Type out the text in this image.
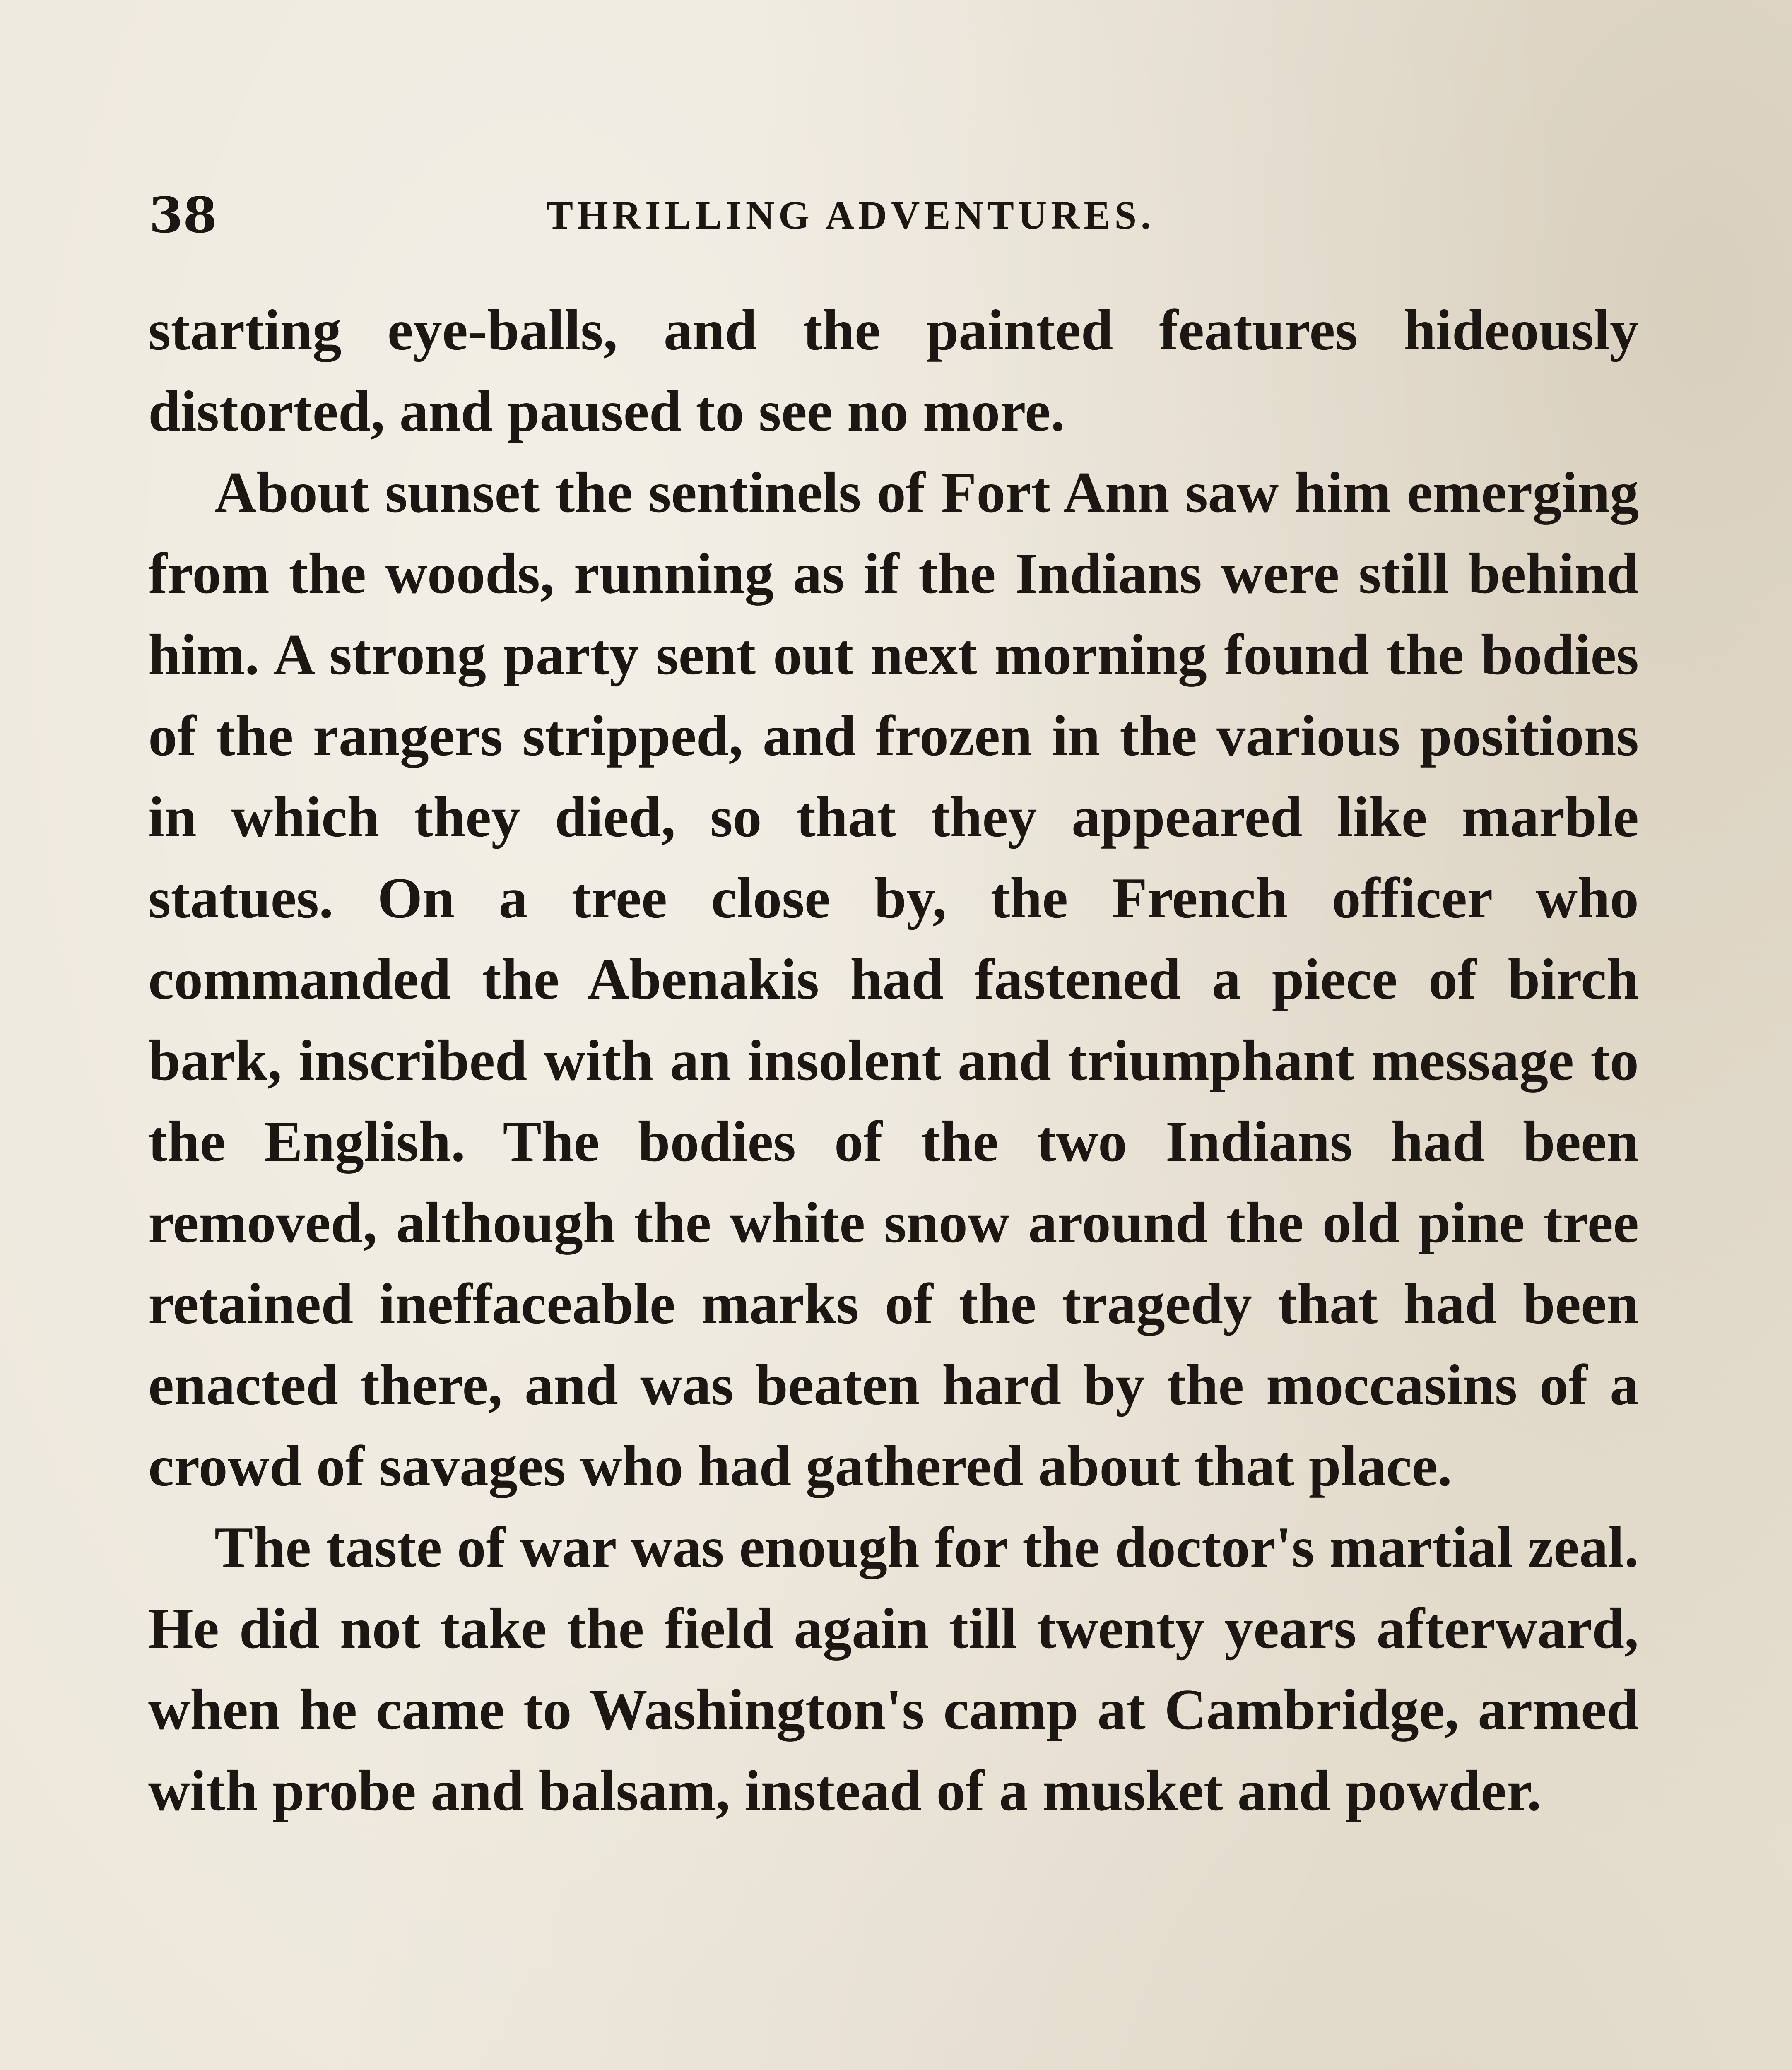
38	THRILLING ADVENTURES.

starting eye-balls, and the painted features hideously distorted, and paused to see no more.

About sunset the sentinels of Fort Ann saw him emerging from the woods, running as if the Indians were still behind him. A strong party sent out next morning found the bodies of the rangers stripped, and frozen in the various positions in which they died, so that they appeared like marble statues. On a tree close by, the French officer who commanded the Abenakis had fastened a piece of birch bark, inscribed with an insolent and triumphant message to the English. The bodies of the two Indians had been removed, although the white snow around the old pine tree retained ineffaceable marks of the tragedy that had been enacted there, and was beaten hard by the moccasins of a crowd of savages who had gathered about that place.

The taste of war was enough for the doctor's martial zeal. He did not take the field again till twenty years afterward, when he came to Washington's camp at Cambridge, armed with probe and balsam, instead of a musket and powder.
